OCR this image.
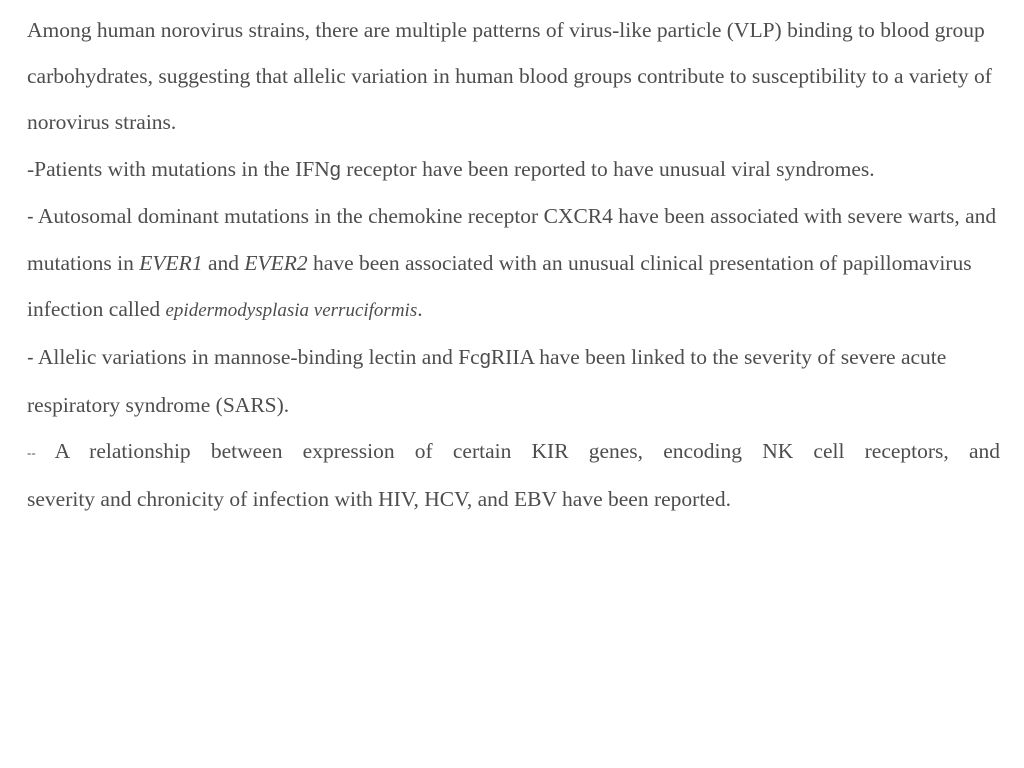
Among human norovirus strains, there are multiple patterns of virus-like particle (VLP) binding to blood group carbohydrates, suggesting that allelic variation in human blood groups contribute to susceptibility to a variety of norovirus strains.

-Patients with mutations in the IFNg receptor have been reported to have unusual viral syndromes.

- Autosomal dominant mutations in the chemokine receptor CXCR4 have been associated with severe warts, and mutations in EVER1 and EVER2 have been associated with an unusual clinical presentation of papillomavirus infection called epidermodysplasia verruciformis.

- Allelic variations in mannose-binding lectin and FcgRIIA have been linked to the severity of severe acute respiratory syndrome (SARS).

-- A relationship between expression of certain KIR genes, encoding NK cell receptors, and

severity and chronicity of infection with HIV, HCV, and EBV have been reported.
